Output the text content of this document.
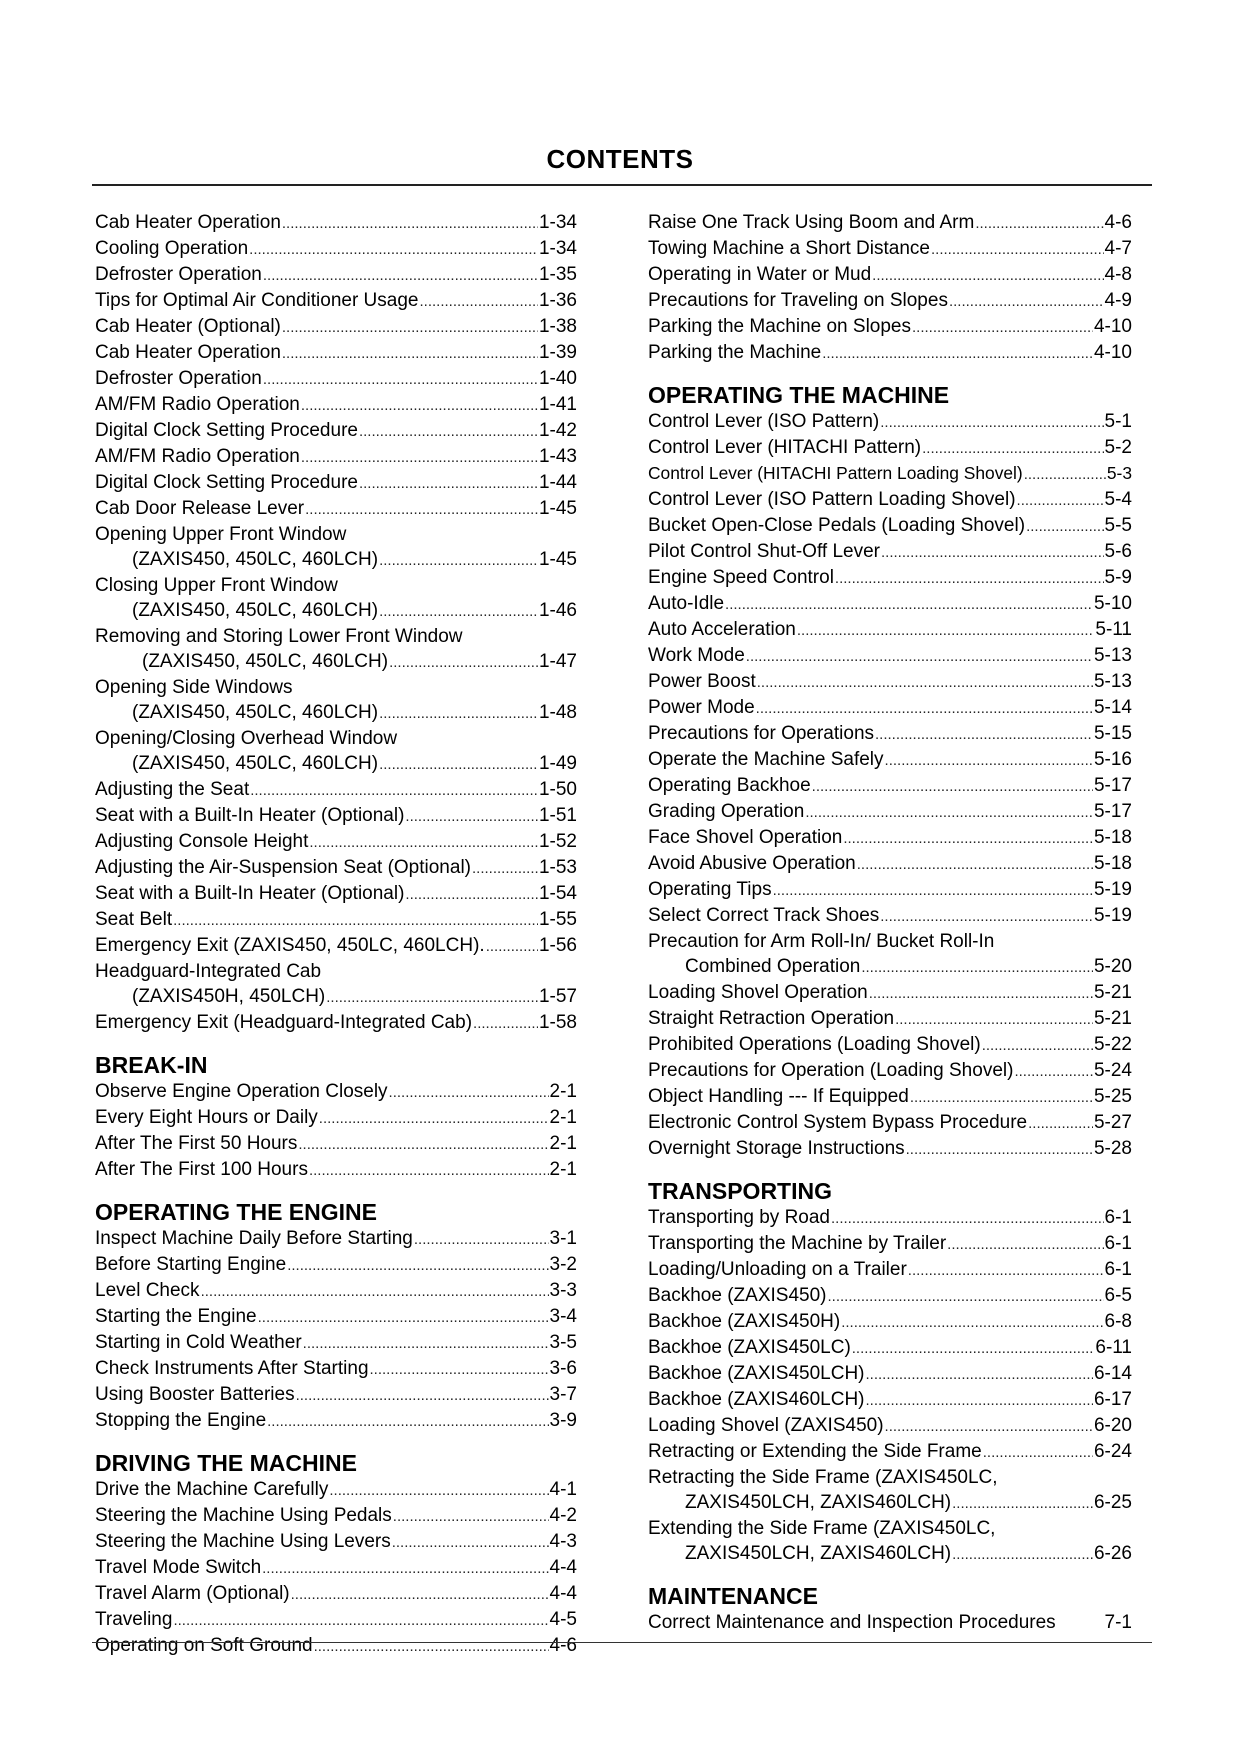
CONTENTS
Cab Heater Operation .....	1-34
Cooling Operation .....	1-34
Defroster Operation .....	1-35
Tips for Optimal Air Conditioner Usage .....	1-36
Cab Heater (Optional) .....	1-38
Cab Heater Operation .....	1-39
Defroster Operation .....	1-40
AM/FM Radio Operation .....	1-41
Digital Clock Setting Procedure .....	1-42
AM/FM Radio Operation .....	1-43
Digital Clock Setting Procedure .....	1-44
Cab Door Release Lever .....	1-45
Opening Upper Front Window
(ZAXIS450, 450LC, 460LCH) .....	1-45
Closing Upper Front Window
(ZAXIS450, 450LC, 460LCH) .....	1-46
Removing and Storing Lower Front Window
(ZAXIS450, 450LC, 460LCH) .....	1-47
Opening Side Windows
(ZAXIS450, 450LC, 460LCH) .....	1-48
Opening/Closing Overhead Window
(ZAXIS450, 450LC, 460LCH) .....	1-49
Adjusting the Seat .....	1-50
Seat with a Built-In Heater (Optional) .....	1-51
Adjusting Console Height .....	1-52
Adjusting the Air-Suspension Seat (Optional) .....	1-53
Seat with a Built-In Heater (Optional) .....	1-54
Seat Belt .....	1-55
Emergency Exit (ZAXIS450, 450LC, 460LCH). .....	1-56
Headguard-Integrated Cab
(ZAXIS450H, 450LCH) .....	1-57
Emergency Exit (Headguard-Integrated Cab) .....	1-58
BREAK-IN
Observe Engine Operation Closely .....	2-1
Every Eight Hours or Daily .....	2-1
After The First 50 Hours .....	2-1
After The First 100 Hours .....	2-1
OPERATING THE ENGINE
Inspect Machine Daily Before Starting .....	3-1
Before Starting Engine .....	3-2
Level Check .....	3-3
Starting the Engine .....	3-4
Starting in Cold Weather .....	3-5
Check Instruments After Starting .....	3-6
Using Booster Batteries .....	3-7
Stopping the Engine .....	3-9
DRIVING THE MACHINE
Drive the Machine Carefully .....	4-1
Steering the Machine Using Pedals .....	4-2
Steering the Machine Using Levers .....	4-3
Travel Mode Switch .....	4-4
Travel Alarm (Optional) .....	4-4
Traveling .....	4-5
Operating on Soft Ground .....	4-6
Raise One Track Using Boom and Arm .....	4-6
Towing Machine a Short Distance .....	4-7
Operating in Water or Mud .....	4-8
Precautions for Traveling on Slopes .....	4-9
Parking the Machine on Slopes .....	4-10
Parking the Machine .....	4-10
OPERATING THE MACHINE
Control Lever (ISO Pattern) .....	5-1
Control Lever (HITACHI Pattern) .....	5-2
Control Lever (HITACHI Pattern Loading Shovel) .....	5-3
Control Lever (ISO Pattern Loading Shovel) .....	5-4
Bucket Open-Close Pedals (Loading Shovel) .....	5-5
Pilot Control Shut-Off Lever .....	5-6
Engine Speed Control .....	5-9
Auto-Idle .....	5-10
Auto Acceleration .....	5-11
Work Mode .....	5-13
Power Boost .....	5-13
Power Mode .....	5-14
Precautions for Operations .....	5-15
Operate the Machine Safely .....	5-16
Operating Backhoe .....	5-17
Grading Operation .....	5-17
Face Shovel Operation .....	5-18
Avoid Abusive Operation .....	5-18
Operating Tips .....	5-19
Select Correct Track Shoes .....	5-19
Precaution for Arm Roll-In/ Bucket Roll-In
Combined Operation .....	5-20
Loading Shovel Operation .....	5-21
Straight Retraction Operation .....	5-21
Prohibited Operations (Loading Shovel) .....	5-22
Precautions for Operation (Loading Shovel) .....	5-24
Object Handling --- If Equipped .....	5-25
Electronic Control System Bypass Procedure .....	5-27
Overnight Storage Instructions .....	5-28
TRANSPORTING
Transporting by Road .....	6-1
Transporting the Machine by Trailer .....	6-1
Loading/Unloading on a Trailer .....	6-1
Backhoe (ZAXIS450) .....	6-5
Backhoe (ZAXIS450H) .....	6-8
Backhoe (ZAXIS450LC) .....	6-11
Backhoe (ZAXIS450LCH) .....	6-14
Backhoe (ZAXIS460LCH) .....	6-17
Loading Shovel (ZAXIS450) .....	6-20
Retracting or Extending the Side Frame .....	6-24
Retracting the Side Frame (ZAXIS450LC,
ZAXIS450LCH, ZAXIS460LCH) .....	6-25
Extending the Side Frame (ZAXIS450LC,
ZAXIS450LCH, ZAXIS460LCH) .....	6-26
MAINTENANCE
Correct Maintenance and Inspection Procedures	7-1
